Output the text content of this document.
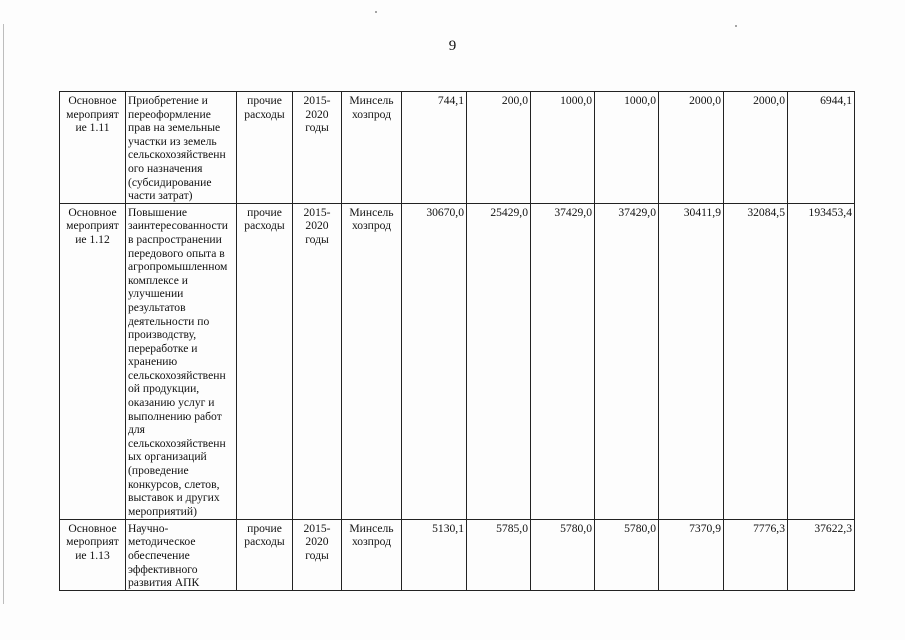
9
Основное мероприят ие 1.11	Приобретение и переоформление прав на земельные участки из земель сельскохозяйственн ого назначения (субсидирование части затрат)	прочие расходы	2015-2020 годы	Минсель хозпрод	744,1	200,0	1000,0	1000,0	2000,0	2000,0	6944,1
Основное мероприят ие 1.12	Повышение заинтересованности в распространении передового опыта в агропромышленном комплексе и улучшении результатов деятельности по производству, переработке и хранению сельскохозяйственн ой продукции, оказанию услуг и выполнению работ для сельскохозяйственн ых организаций (проведение конкурсов, слетов, выставок и других мероприятий)	прочие расходы	2015-2020 годы	Минсель хозпрод	30670,0	25429,0	37429,0	37429,0	30411,9	32084,5	193453,4
Основное мероприят ие 1.13	Научно-методическое обеспечение эффективного развития АПК	прочие расходы	2015-2020 годы	Минсель хозпрод	5130,1	5785,0	5780,0	5780,0	7370,9	7776,3	37622,3
